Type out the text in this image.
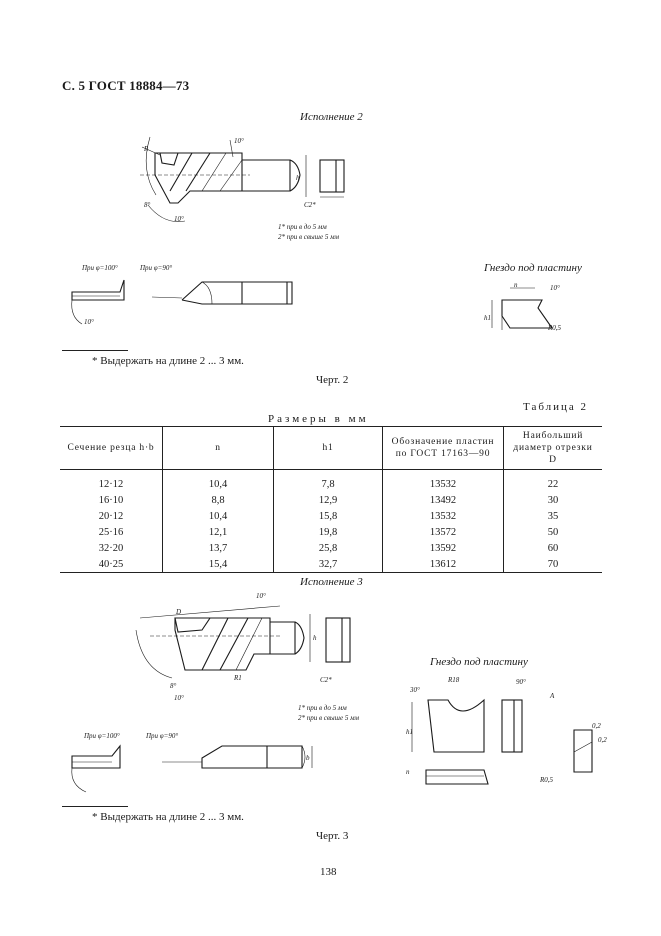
С. 5 ГОСТ 18884—73
Исполнение 2
h
R
10°
8°
10°
C2*
1* при в до 5 мм
2* при в свыше 5 мм
При φ=100°	При φ=90°
10°
Гнездо под пластину
n
h1
10°
R0,5
* Выдержать на длине 2 ... 3 мм.
Черт. 2
Таблица 2
Размеры в мм
Сечение резца h·b	n	h1	Обозначение пластин по ГОСТ 17163—90	Наибольший диаметр отрезки D
12·12	10,4	7,8	13532	22
16·10	8,8	12,9	13492	30
20·12	10,4	15,8	13532	35
25·16	12,1	19,8	13572	50
32·20	13,7	25,8	13592	60
40·25	15,4	32,7	13612	70
Исполнение 3
D
h
10°
R1
8°
10°
C2*
1* при в до 5 мм
2* при в свыше 5 мм
При φ=100°	При φ=90°
b
Гнездо под пластину
30°
R18	90°
A
h1
n
0,2
0,2
R0,5
* Выдержать на длине 2 ... 3 мм.
Черт. 3
138
